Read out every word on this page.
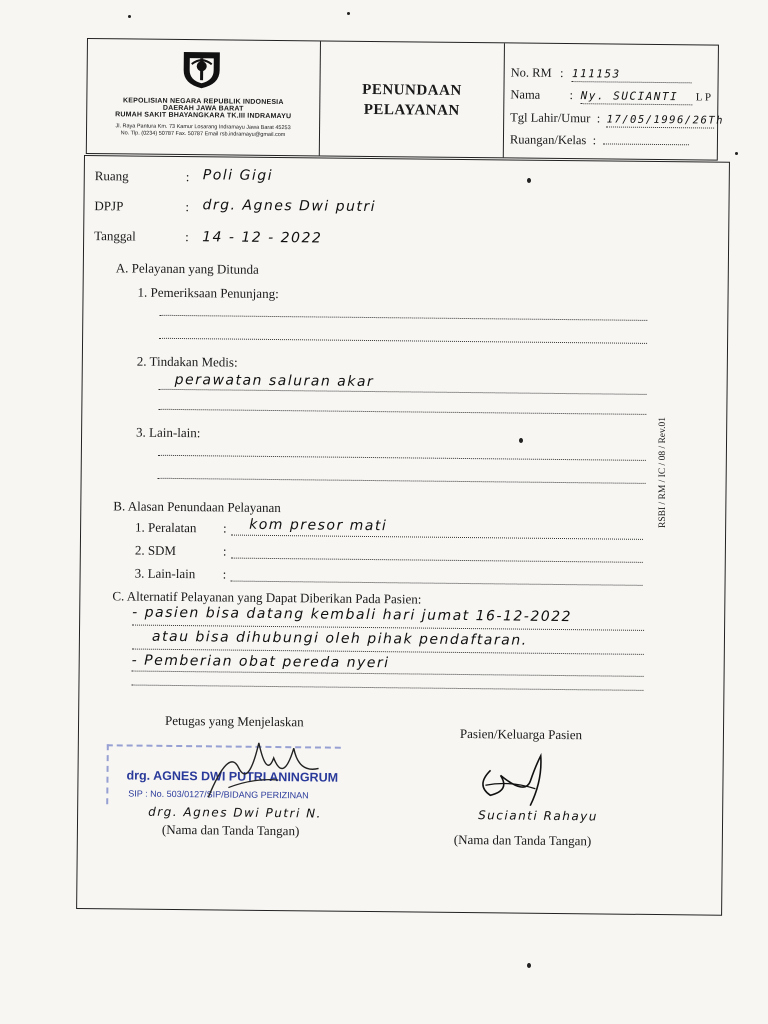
KEPOLISIAN NEGARA REPUBLIK INDONESIA
DAERAH JAWA BARAT
RUMAH SAKIT BHAYANGKARA TK.III INDRAMAYU
Jl. Raya Pantura Km. 73 Kamur Losarang Indramayu Jawa Barat 45253
No. Tlp. (0234) 50787 Fax. 50787 Email rsb.indramayu@gmail.com
PENUNDAAN
PELAYANAN
No. RM : 111153
Nama : Ny. SUCIANTI L P
Tgl Lahir/Umur : 17/05/1996/26Th
Ruangan/Kelas :
Ruang	: Poli Gigi
DPJP	: drg. Agnes Dwi putri
Tanggal	: 14 - 12 - 2022
A. Pelayanan yang Ditunda
1. Pemeriksaan Penunjang:
2. Tindakan Medis:
perawatan saluran akar
3. Lain-lain:
B. Alasan Penundaan Pelayanan
1. Peralatan : kom presor mati
2. SDM	:
3. Lain-lain :
C. Alternatif Pelayanan yang Dapat Diberikan Pada Pasien:
- pasien bisa datang kembali hari jumat 16-12-2022
atau bisa dihubungi oleh pihak pendaftaran.
- Pemberian obat pereda nyeri
Petugas yang Menjelaskan
Pasien/Keluarga Pasien
drg. AGNES DWI PUTRI ANINGRUM
SIP : No. 503/0127/SIP/BIDANG PERIZINAN
drg. Agnes Dwi Putri N.
(Nama dan Tanda Tangan)
Sucianti Rahayu
(Nama dan Tanda Tangan)
RSBI / RM / IC / 08 / Rev.01
